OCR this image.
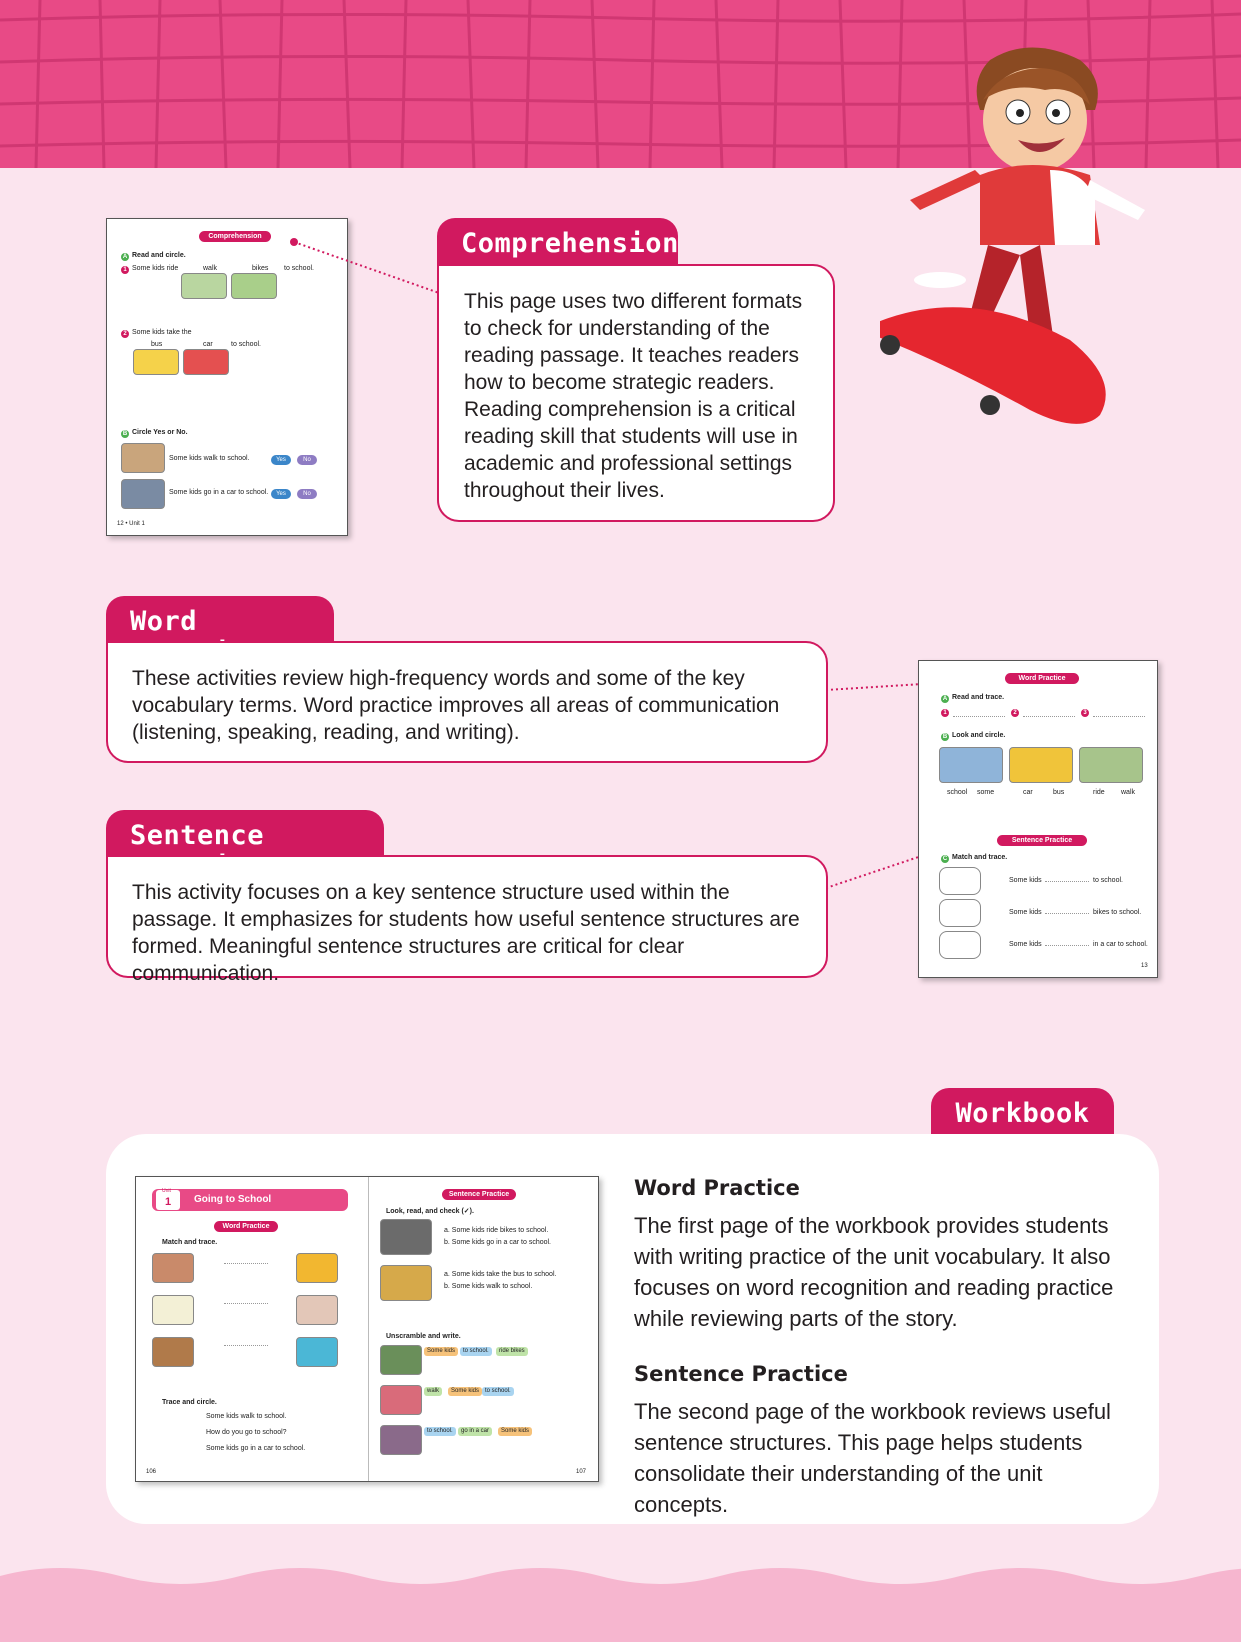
Comprehension
A Read and circle.
1 Some kids ride	walk	bikes to school.
2 Some kids take the
bus	car	to school.
B Circle Yes or No.
Some kids walk to school.	Yes	No
Some kids go in a car to school.	Yes	No
12 • Unit 1
Comprehension
This page uses two different formats to check for understanding of the reading passage. It teaches readers how to become strategic readers. Reading comprehension is a critical reading skill that students will use in academic and professional settings throughout their lives.
Word
These activities review high-frequency words and some of the key vocabulary terms. Word practice improves all areas of communication (listening, speaking, reading, and writing).
Sentence
This activity focuses on a key sentence structure used within the passage. It emphasizes for students how useful sentence structures are formed. Meaningful sentence structures are critical for clear communication.
Word Practice
A Read and trace.
1	2	3
B Look and circle.
school some	car	bus	ride walk
Sentence Practice
C Match and trace.
Some kids	to school.
Some kids	bikes to school.
Some kids	in a car to school.
13
Workbook
1
Unit
Going to School
Word Practice
Match and trace.
Trace and circle.
Some kids walk to school.
How do you go to school?
Some kids go in a car to school.
106
Sentence Practice
Look, read, and check (✓).
a. Some kids ride bikes to school.
b. Some kids go in a car to school.
a. Some kids take the bus to school.
b. Some kids walk to school.
Unscramble and write.
Some kids	to school.	ride bikes
walk	Some kids to school.
to school.	go in a car	Some kids
107
Word Practice
The first page of the workbook provides students with writing practice of the unit vocabulary. It also focuses on word recognition and reading practice while reviewing parts of the story.
Sentence Practice
The second page of the workbook reviews useful sentence structures. This page helps students consolidate their understanding of the unit concepts.
